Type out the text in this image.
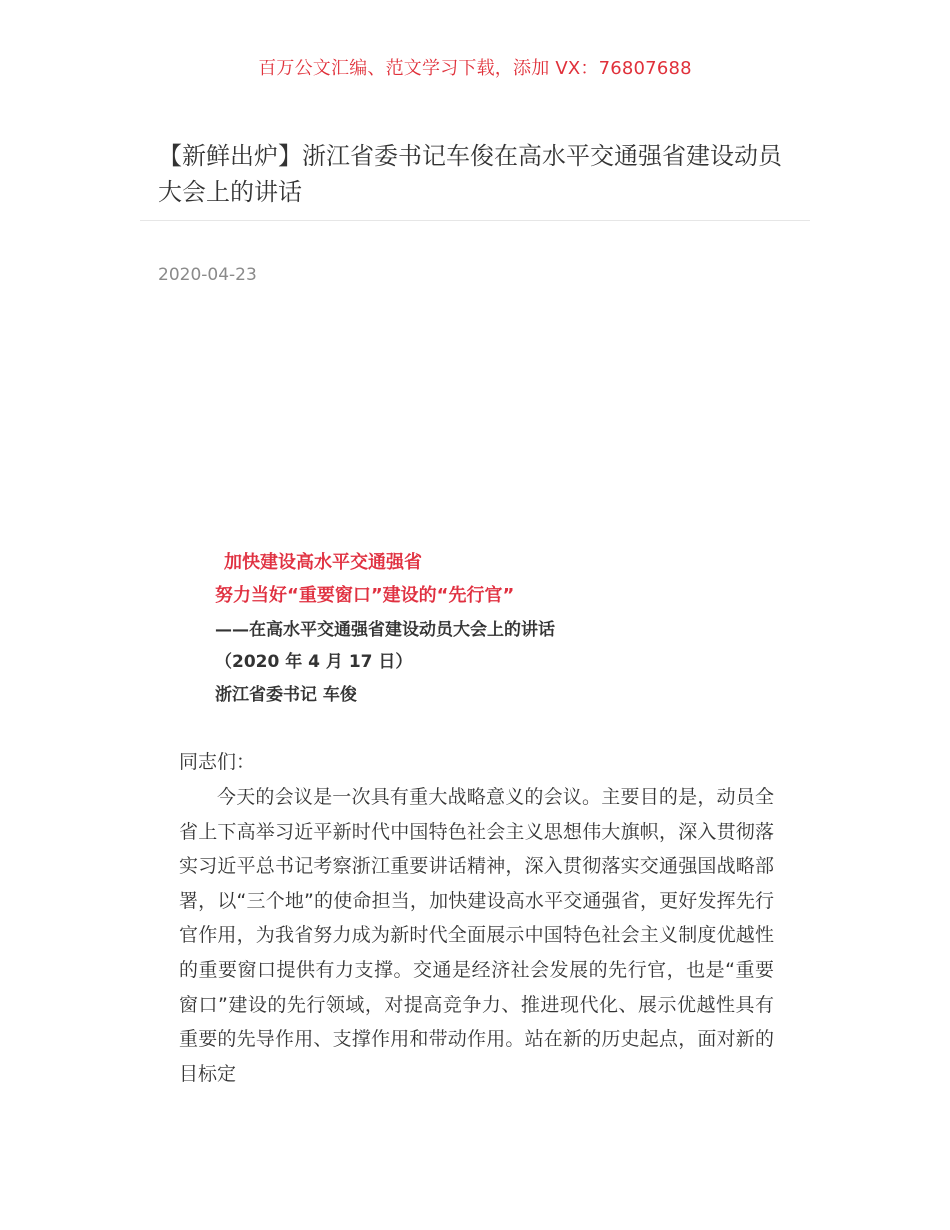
百万公文汇编、范文学习下载，添加 VX：76807688
【新鲜出炉】浙江省委书记车俊在高水平交通强省建设动员大会上的讲话
2020-04-23
加快建设高水平交通强省
努力当好“重要窗口”建设的“先行官”
——在高水平交通强省建设动员大会上的讲话
（2020 年 4 月 17 日）
浙江省委书记 车俊
同志们：

今天的会议是一次具有重大战略意义的会议。主要目的是，动员全省上下高举习近平新时代中国特色社会主义思想伟大旗帜，深入贯彻落实习近平总书记考察浙江重要讲话精神，深入贯彻落实交通强国战略部署，以“三个地”的使命担当，加快建设高水平交通强省，更好发挥先行官作用，为我省努力成为新时代全面展示中国特色社会主义制度优越性的重要窗口提供有力支撑。交通是经济社会发展的先行官，也是“重要窗口”建设的先行领域，对提高竞争力、推进现代化、展示优越性具有重要的先导作用、支撑作用和带动作用。站在新的历史起点，面对新的目标定
